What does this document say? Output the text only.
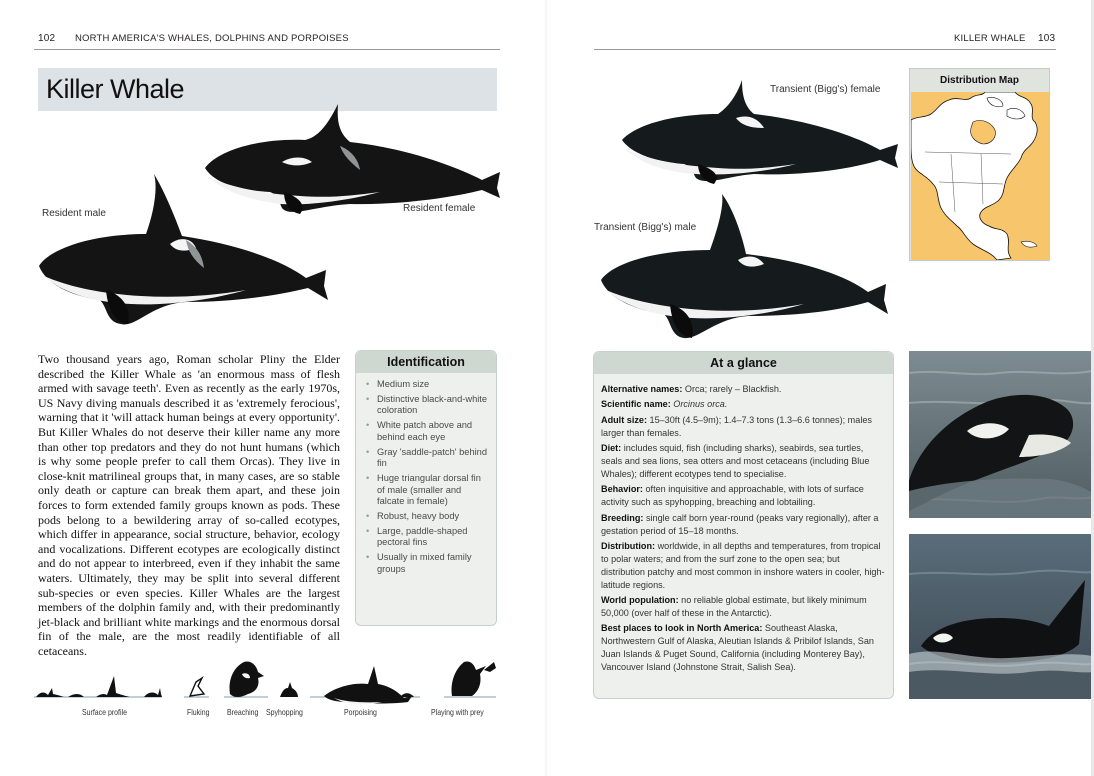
102 NORTH AMERICA'S WHALES, DOLPHINS AND PORPOISES
Killer Whale
Resident female
Resident male

Two thousand years ago, Roman scholar Pliny the Elder described the Killer Whale as 'an enormous mass of flesh armed with savage teeth'. Even as recently as the early 1970s, US Navy diving manuals described it as 'extremely ferocious', warning that it 'will attack human beings at every opportunity'. But Killer Whales do not deserve their killer name any more than other top predators and they do not hunt humans (which is why some people prefer to call them Orcas). They live in close-knit matrilineal groups that, in many cases, are so stable only death or capture can break them apart, and these join forces to form extended family groups known as pods. These pods belong to a bewildering array of so-called ecotypes, which differ in appearance, social structure, behavior, ecology and vocalizations. Different ecotypes are ecologically distinct and do not appear to interbreed, even if they inhabit the same waters. Ultimately, they may be split into several different sub-species or even species. Killer Whales are the largest members of the dolphin family and, with their predominantly jet-black and brilliant white markings and the enormous dorsal fin of the male, are the most readily identifiable of all cetaceans.

Identification
• Medium size
• Distinctive black-and-white coloration
• White patch above and behind each eye
• Gray 'saddle-patch' behind fin
• Huge triangular dorsal fin of male (smaller and falcate in female)
• Robust, heavy body
• Large, paddle-shaped pectoral fins
• Usually in mixed family groups
Surface profile	Fluking Breaching Spyhopping	Porpoising	Playing with prey
KILLER WHALE 103
Transient (Bigg's) female
Transient (Bigg's) male
Distribution Map
At a glance

Alternative names: Orca; rarely – Blackfish.

Scientific name: Orcinus orca.

Adult size: 15–30ft (4.5–9m); 1.4–7.3 tons (1.3–6.6 tonnes); males larger than females.

Diet: includes squid, fish (including sharks), seabirds, sea turtles, seals and sea lions, sea otters and most cetaceans (including Blue Whales); different ecotypes tend to specialise.

Behavior: often inquisitive and approachable, with lots of surface activity such as spyhopping, breaching and lobtailing.

Breeding: single calf born year-round (peaks vary regionally), after a gestation period of 15–18 months.

Distribution: worldwide, in all depths and temperatures, from tropical to polar waters; and from the surf zone to the open sea; but distribution patchy and most common in inshore waters in cooler, high-latitude regions.

World population: no reliable global estimate, but likely minimum 50,000 (over half of these in the Antarctic).

Best places to look in North America: Southeast Alaska, Northwestern Gulf of Alaska, Aleutian Islands & Pribilof Islands, San Juan Islands & Puget Sound, California (including Monterey Bay), Vancouver Island (Johnstone Strait, Salish Sea).
